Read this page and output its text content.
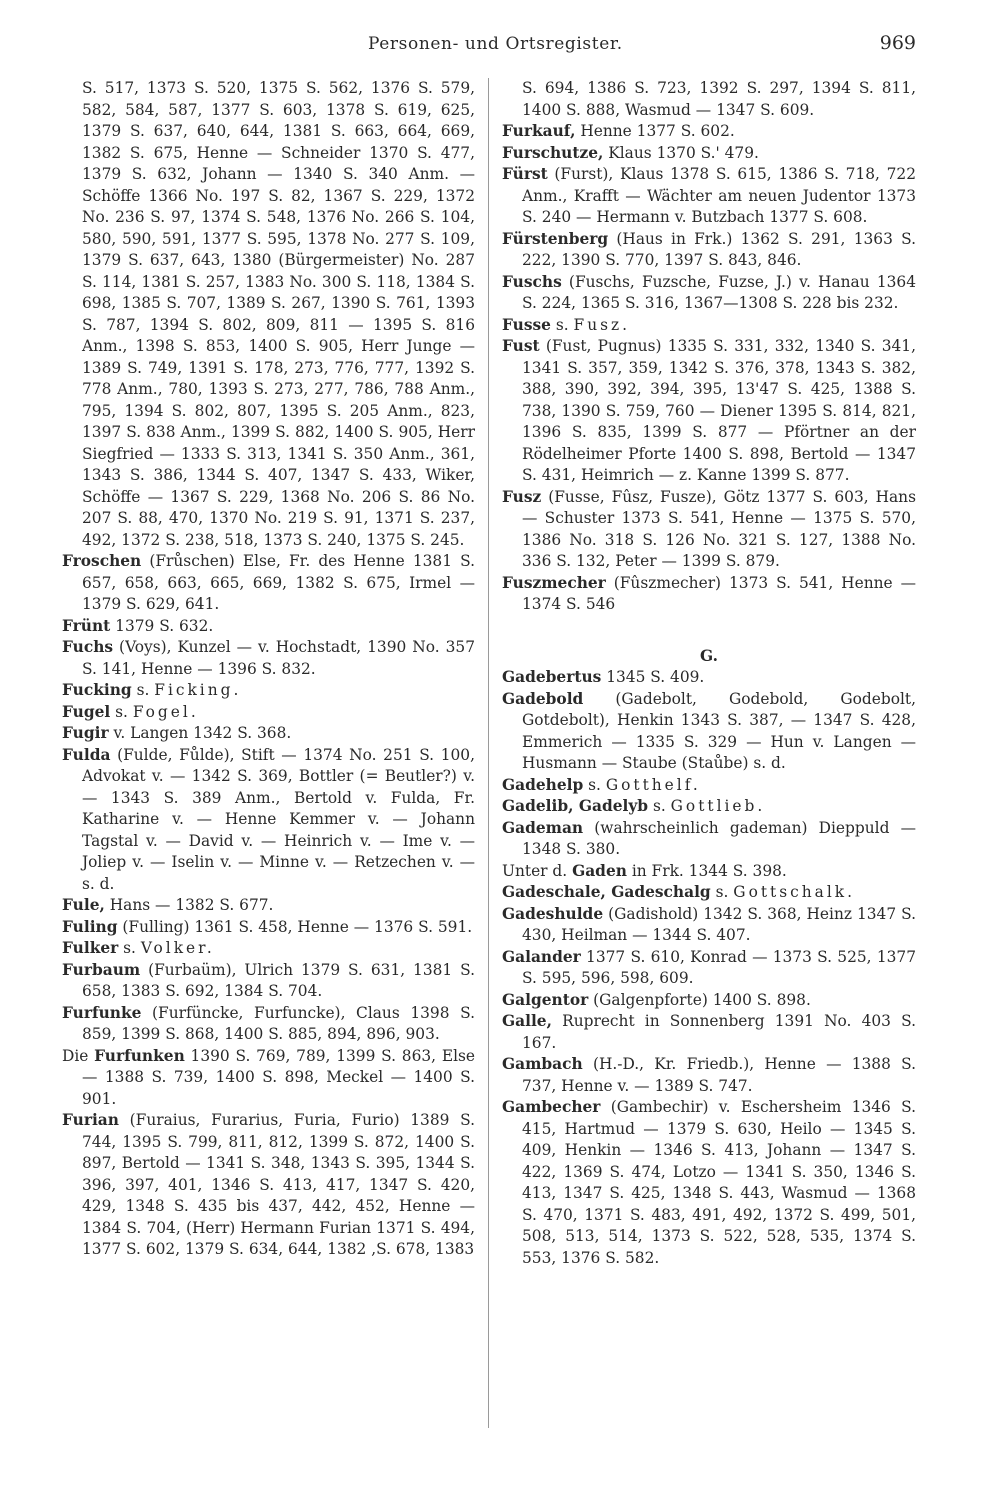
Personen- und Ortsregister.	969

S. 517, 1373 S. 520, 1375 S. 562, 1376 S. 579, 582, 584, 587, 1377 S. 603, 1378 S. 619, 625, 1379 S. 637, 640, 644, 1381 S. 663, 664, 669, 1382 S. 675, Henne — Schneider 1370 S. 477, 1379 S. 632, Johann — 1340 S. 340 Anm. — Schöffe 1366 No. 197 S. 82, 1367 S. 229, 1372 No. 236 S. 97, 1374 S. 548, 1376 No. 266 S. 104, 580, 590, 591, 1377 S. 595, 1378 No. 277 S. 109, 1379 S. 637, 643, 1380 (Bürgermeister) No. 287 S. 114, 1381 S. 257, 1383 No. 300 S. 118, 1384 S. 698, 1385 S. 707, 1389 S. 267, 1390 S. 761, 1393 S. 787, 1394 S. 802, 809, 811 — 1395 S. 816 Anm., 1398 S. 853, 1400 S. 905, Herr Junge — 1389 S. 749, 1391 S. 178, 273, 776, 777, 1392 S. 778 Anm., 780, 1393 S. 273, 277, 786, 788 Anm., 795, 1394 S. 802, 807, 1395 S. 205 Anm., 823, 1397 S. 838 Anm., 1399 S. 882, 1400 S. 905, Herr Siegfried — 1333 S. 313, 1341 S. 350 Anm., 361, 1343 S. 386, 1344 S. 407, 1347 S. 433, Wiker, Schöffe — 1367 S. 229, 1368 No. 206 S. 86 No. 207 S. 88, 470, 1370 No. 219 S. 91, 1371 S. 237, 492, 1372 S. 238, 518, 1373 S. 240, 1375 S. 245.

Froschen (Frůschen) Else, Fr. des Henne 1381 S. 657, 658, 663, 665, 669, 1382 S. 675, Irmel — 1379 S. 629, 641.

Frünt 1379 S. 632.

Fuchs (Voys), Kunzel — v. Hochstadt, 1390 No. 357 S. 141, Henne — 1396 S. 832.

Fucking s. Ficking.

Fugel s. Fogel.

Fugir v. Langen 1342 S. 368.

Fulda (Fulde, Fůlde), Stift — 1374 No. 251 S. 100, Advokat v. — 1342 S. 369, Bottler (= Beutler?) v. — 1343 S. 389 Anm., Bertold v. Fulda, Fr. Katharine v. — Henne Kemmer v. — Johann Tagstal v. — David v. — Heinrich v. — Ime v. — Joliep v. — Iselin v. — Minne v. — Retzechen v. — s. d.

Fule, Hans — 1382 S. 677.

Fuling (Fulling) 1361 S. 458, Henne — 1376 S. 591.

Fulker s. Volker.

Furbaum (Furbaüm), Ulrich 1379 S. 631, 1381 S. 658, 1383 S. 692, 1384 S. 704.

Furfunke (Furfüncke, Furfuncke), Claus 1398 S. 859, 1399 S. 868, 1400 S. 885, 894, 896, 903.

Die Furfunken 1390 S. 769, 789, 1399 S. 863, Else — 1388 S. 739, 1400 S. 898, Meckel — 1400 S. 901.

Furian (Furaius, Furarius, Furia, Furio) 1389 S. 744, 1395 S. 799, 811, 812, 1399 S. 872, 1400 S. 897, Bertold — 1341 S. 348, 1343 S. 395, 1344 S. 396, 397, 401, 1346 S. 413, 417, 1347 S. 420, 429, 1348 S. 435 bis 437, 442, 452, Henne — 1384 S. 704, (Herr) Hermann Furian 1371 S. 494, 1377 S. 602, 1379 S. 634, 644, 1382 ,S. 678, 1383

S. 694, 1386 S. 723, 1392 S. 297, 1394 S. 811, 1400 S. 888, Wasmud — 1347 S. 609.

Furkauf, Henne 1377 S. 602.

Furschutze, Klaus 1370 S.' 479.

Fürst (Furst), Klaus 1378 S. 615, 1386 S. 718, 722 Anm., Krafft — Wächter am neuen Judentor 1373 S. 240 — Hermann v. Butzbach 1377 S. 608.

Fürstenberg (Haus in Frk.) 1362 S. 291, 1363 S. 222, 1390 S. 770, 1397 S. 843, 846.

Fuschs (Fuschs, Fuzsche, Fuzse, J.) v. Hanau 1364 S. 224, 1365 S. 316, 1367—1308 S. 228 bis 232.

Fusse s. Fusz.

Fust (Fust, Pugnus) 1335 S. 331, 332, 1340 S. 341, 1341 S. 357, 359, 1342 S. 376, 378, 1343 S. 382, 388, 390, 392, 394, 395, 13'47 S. 425, 1388 S. 738, 1390 S. 759, 760 — Diener 1395 S. 814, 821, 1396 S. 835, 1399 S. 877 — Pförtner an der Rödelheimer Pforte 1400 S. 898, Bertold — 1347 S. 431, Heimrich — z. Kanne 1399 S. 877.

Fusz (Fusse, Fûsz, Fusze), Götz 1377 S. 603, Hans — Schuster 1373 S. 541, Henne — 1375 S. 570, 1386 No. 318 S. 126 No. 321 S. 127, 1388 No. 336 S. 132, Peter — 1399 S. 879.

Fuszmecher (Fûszmecher) 1373 S. 541, Henne — 1374 S. 546

G.

Gadebertus 1345 S. 409.

Gadebold (Gadebolt, Godebold, Godebolt, Gotdebolt), Henkin 1343 S. 387, — 1347 S. 428, Emmerich — 1335 S. 329 — Hun v. Langen — Husmann — Staube (Staůbe) s. d.

Gadehelp s. Gotthelf.

Gadelib, Gadelyb s. Gottlieb.

Gademan (wahrscheinlich gademan) Dieppuld — 1348 S. 380.

Unter d. Gaden in Frk. 1344 S. 398.

Gadeschale, Gadeschalg s. Gottschalk.

Gadeshulde (Gadishold) 1342 S. 368, Heinz 1347 S. 430, Heilman — 1344 S. 407.

Galander 1377 S. 610, Konrad — 1373 S. 525, 1377 S. 595, 596, 598, 609.

Galgentor (Galgenpforte) 1400 S. 898.

Galle, Ruprecht in Sonnenberg 1391 No. 403 S. 167.

Gambach (H.-D., Kr. Friedb.), Henne — 1388 S. 737, Henne v. — 1389 S. 747.

Gambecher (Gambechir) v. Eschersheim 1346 S. 415, Hartmud — 1379 S. 630, Heilo — 1345 S. 409, Henkin — 1346 S. 413, Johann — 1347 S. 422, 1369 S. 474, Lotzo — 1341 S. 350, 1346 S. 413, 1347 S. 425, 1348 S. 443, Wasmud — 1368 S. 470, 1371 S. 483, 491, 492, 1372 S. 499, 501, 508, 513, 514, 1373 S. 522, 528, 535, 1374 S. 553, 1376 S. 582.
